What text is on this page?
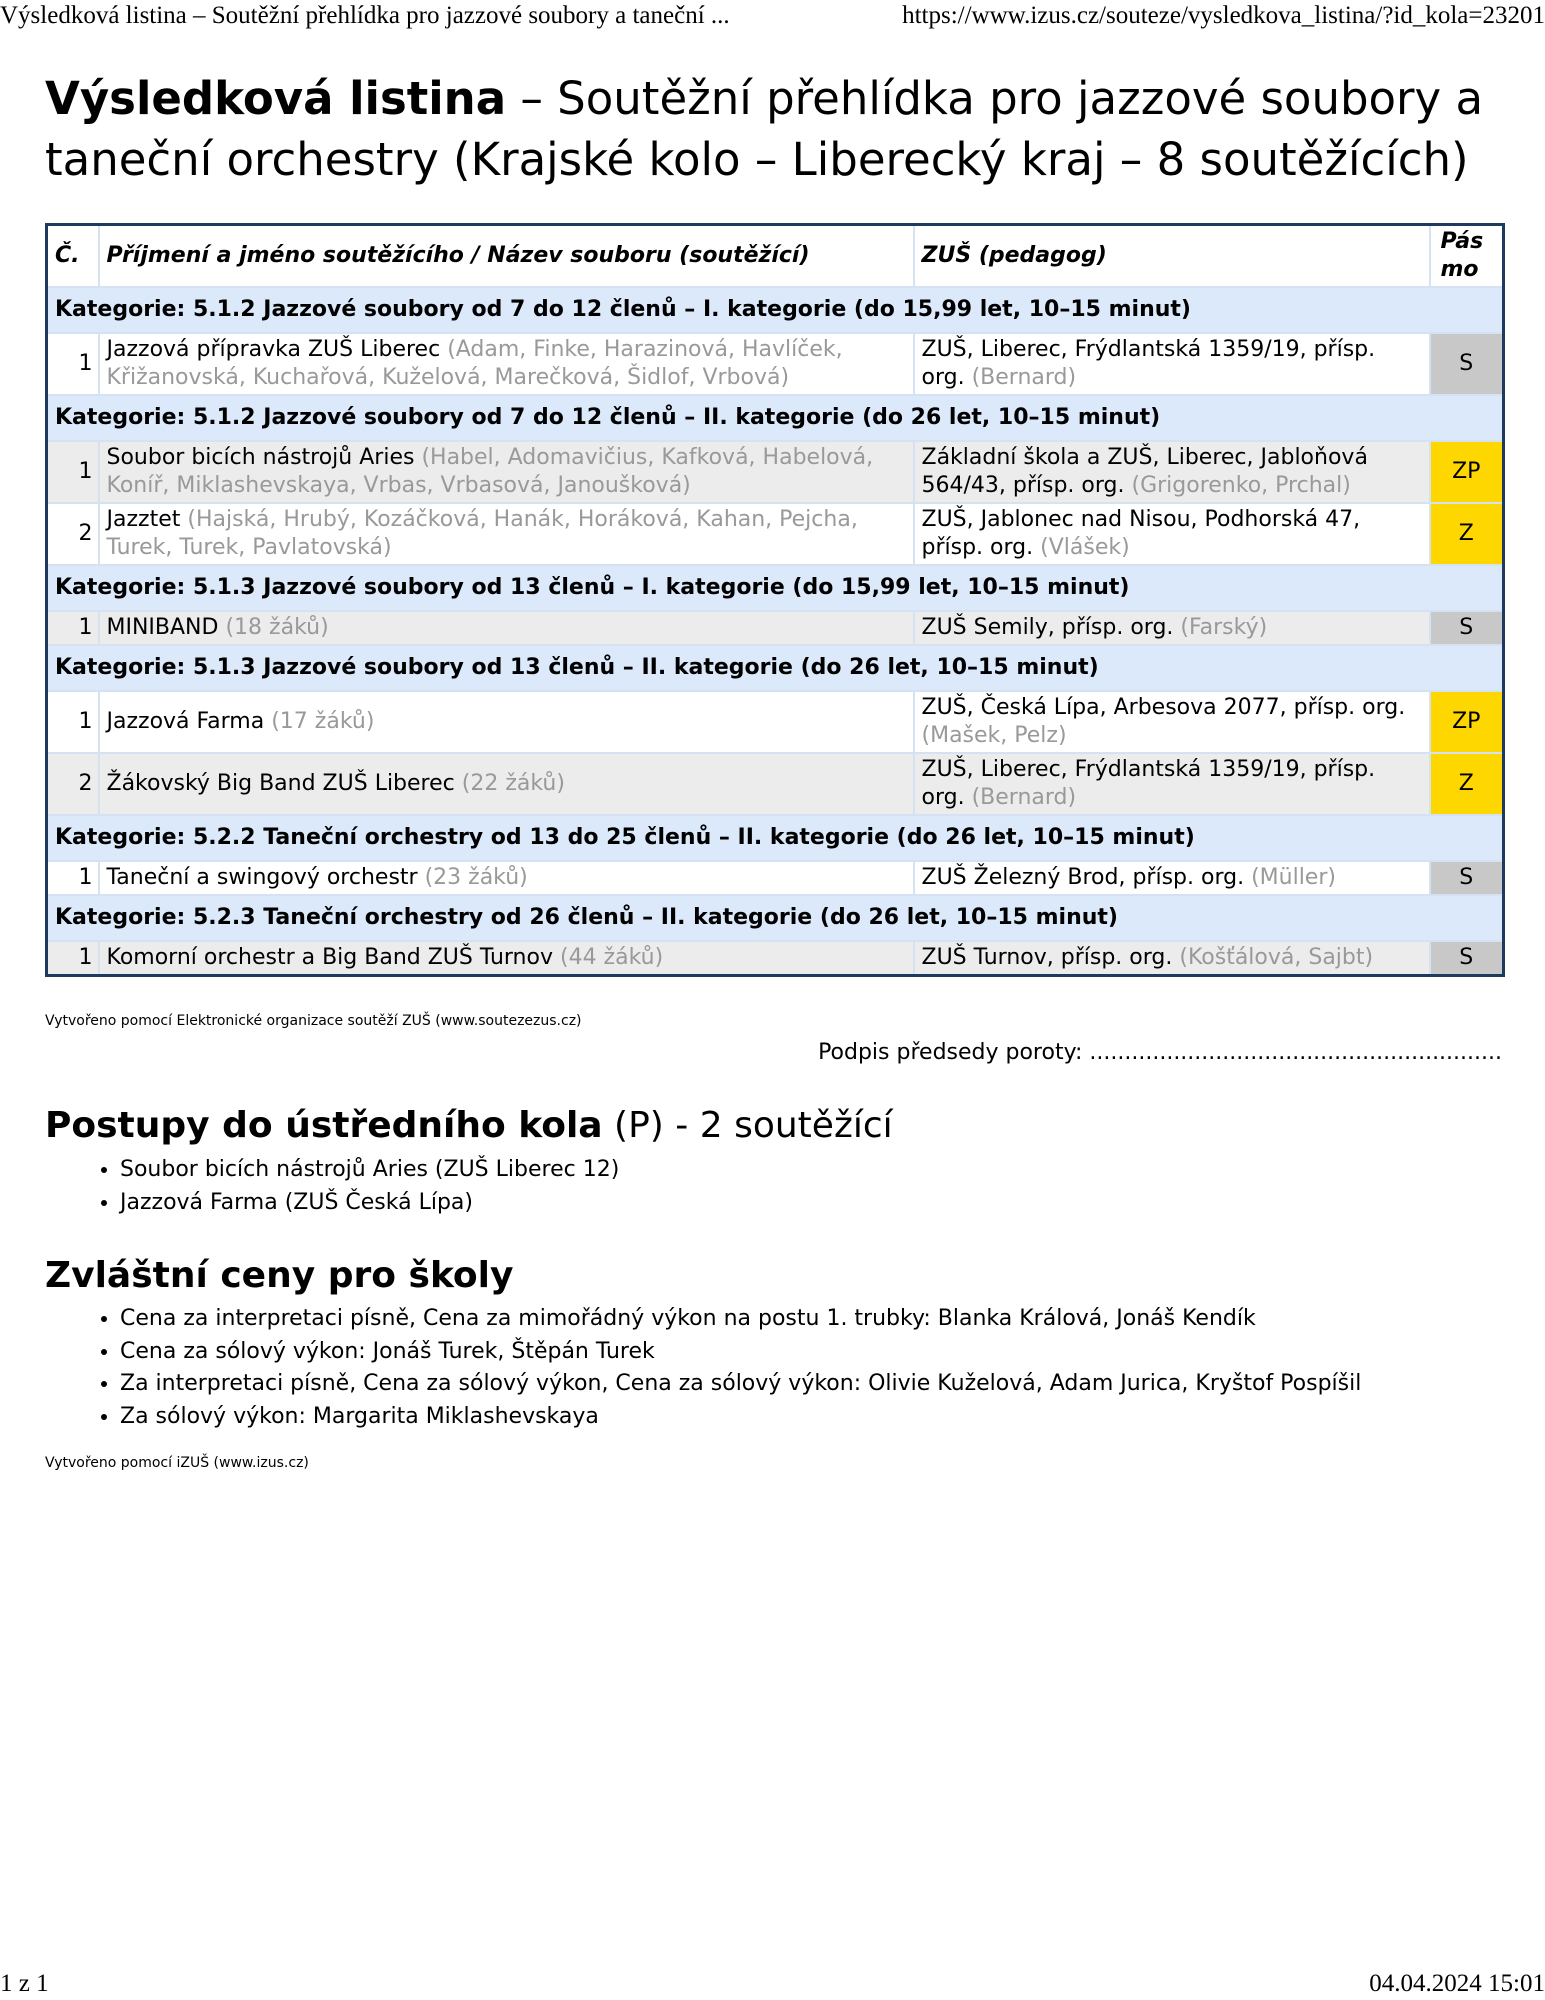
Výsledková listina – Soutěžní přehlídka pro jazzové soubory a taneční ...	https://www.izus.cz/souteze/vysledkova_listina/?id_kola=23201
Výsledková listina – Soutěžní přehlídka pro jazzové soubory a taneční orchestry (Krajské kolo – Liberecký kraj – 8 soutěžících)
Č.	Příjmení a jméno soutěžícího / Název souboru (soutěžící)	ZUŠ (pedagog)	Pásmo
Kategorie: 5.1.2 Jazzové soubory od 7 do 12 členů – I. kategorie (do 15,99 let, 10–15 minut)			
1	Jazzová přípravka ZUŠ Liberec (Adam, Finke, Harazinová, Havlíček, Křižanovská, Kuchařová, Kuželová, Marečková, Šidlof, Vrbová)	ZUŠ, Liberec, Frýdlantská 1359/19, přísp. org. (Bernard)	S
Kategorie: 5.1.2 Jazzové soubory od 7 do 12 členů – II. kategorie (do 26 let, 10–15 minut)			
1	Soubor bicích nástrojů Aries (Habel, Adomavičius, Kafková, Habelová, Koníř, Miklashevskaya, Vrbas, Vrbasová, Janoušková)	Základní škola a ZUŠ, Liberec, Jabloňová 564/43, přísp. org. (Grigorenko, Prchal)	ZP
2	Jazztet (Hajská, Hrubý, Kozáčková, Hanák, Horáková, Kahan, Pejcha, Turek, Turek, Pavlatovská)	ZUŠ, Jablonec nad Nisou, Podhorská 47, přísp. org. (Vlášek)	Z
Kategorie: 5.1.3 Jazzové soubory od 13 členů – I. kategorie (do 15,99 let, 10–15 minut)			
1	MINIBAND (18 žáků)	ZUŠ Semily, přísp. org. (Farský)	S
Kategorie: 5.1.3 Jazzové soubory od 13 členů – II. kategorie (do 26 let, 10–15 minut)			
1	Jazzová Farma (17 žáků)	ZUŠ, Česká Lípa, Arbesova 2077, přísp. org. (Mašek, Pelz)	ZP
2	Žákovský Big Band ZUŠ Liberec (22 žáků)	ZUŠ, Liberec, Frýdlantská 1359/19, přísp. org. (Bernard)	Z
Kategorie: 5.2.2 Taneční orchestry od 13 do 25 členů – II. kategorie (do 26 let, 10–15 minut)			
1	Taneční a swingový orchestr (23 žáků)	ZUŠ Železný Brod, přísp. org. (Müller)	S
Kategorie: 5.2.3 Taneční orchestry od 26 členů – II. kategorie (do 26 let, 10–15 minut)			
1	Komorní orchestr a Big Band ZUŠ Turnov (44 žáků)	ZUŠ Turnov, přísp. org. (Košťálová, Sajbt)	S
Vytvořeno pomocí Elektronické organizace soutěží ZUŠ (www.soutezezus.cz)
Podpis předsedy poroty: ...........................................................
Postupy do ústředního kola (P) - 2 soutěžící
• Soubor bicích nástrojů Aries (ZUŠ Liberec 12)
• Jazzová Farma (ZUŠ Česká Lípa)
Zvláštní ceny pro školy
• Cena za interpretaci písně, Cena za mimořádný výkon na postu 1. trubky: Blanka Králová, Jonáš Kendík
• Cena za sólový výkon: Jonáš Turek, Štěpán Turek
• Za interpretaci písně, Cena za sólový výkon, Cena za sólový výkon: Olivie Kuželová, Adam Jurica, Kryštof Pospíšil
• Za sólový výkon: Margarita Miklashevskaya
Vytvořeno pomocí iZUŠ (www.izus.cz)
1 z 1	04.04.2024 15:01
